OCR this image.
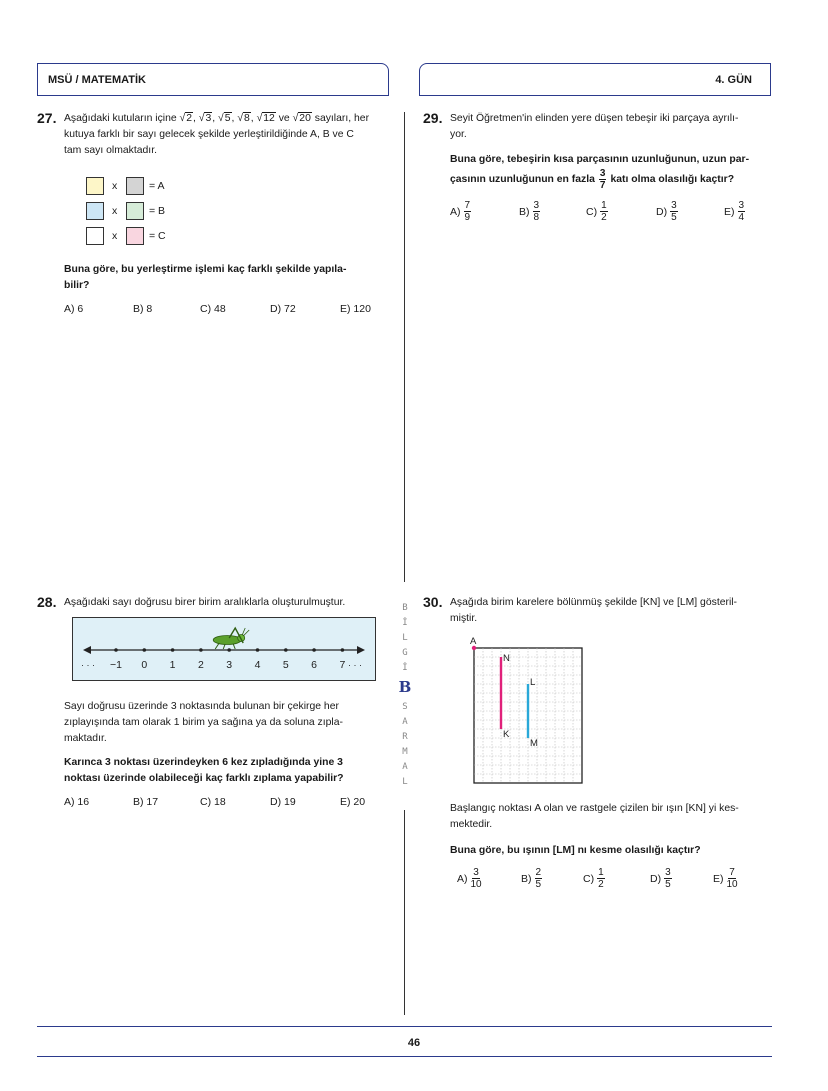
MSÜ / MATEMATİK	4. GÜN
B
İ
L
G
İ
S
A
R
M
A
L
B
27. Aşağıdaki kutuların içine √2, √3, √5, √8, √12 ve √20 sayıları, her
kutuya farklı bir sayı gelecek şekilde yerleştirildiğinde A, B ve C
tam sayı olmaktadır.
x	= A
x	= B
x	= C
Buna göre, bu yerleştirme işlemi kaç farklı şekilde yapıla-
bilir?
A) 6	B) 8	C) 48	D) 72	E) 120
28. Aşağıdaki sayı doğrusu birer birim aralıklarla oluşturulmuştur.
−1 0 1 2 3 4 5 6 7
· · ·	· · ·
Sayı doğrusu üzerinde 3 noktasında bulunan bir çekirge her
zıplayışında tam olarak 1 birim ya sağına ya da soluna zıpla-
maktadır.
Karınca 3 noktası üzerindeyken 6 kez zıpladığında yine 3
noktası üzerinde olabileceği kaç farklı zıplama yapabilir?
A) 16	B) 17	C) 18	D) 19	E) 20
29. Seyit Öğretmen'in elinden yere düşen tebeşir iki parçaya ayrılı-
yor.
Buna göre, tebeşirin kısa parçasının uzunluğunun, uzun par-
çasının uzunluğunun en fazla $\frac{3}{7}$ katı olma olasılığı kaçtır?
$A) \frac{7}{9}$	$B) \frac{3}{8}$	$C) \frac{1}{2}$	$D) \frac{3}{5}$	$E) \frac{3}{4}$
30. Aşağıda birim karelere bölünmüş şekilde [KN] ve [LM] gösteril-
miştir.
A
N
K
L
M
Başlangıç noktası A olan ve rastgele çizilen bir ışın [KN] yi kes-
mektedir.
Buna göre, bu ışının [LM] nı kesme olasılığı kaçtır?
$A) \frac{3}{10}$	$B) \frac{2}{5}$	$C) \frac{1}{2}$	$D) \frac{3}{5}$	$E) \frac{7}{10}$
46
